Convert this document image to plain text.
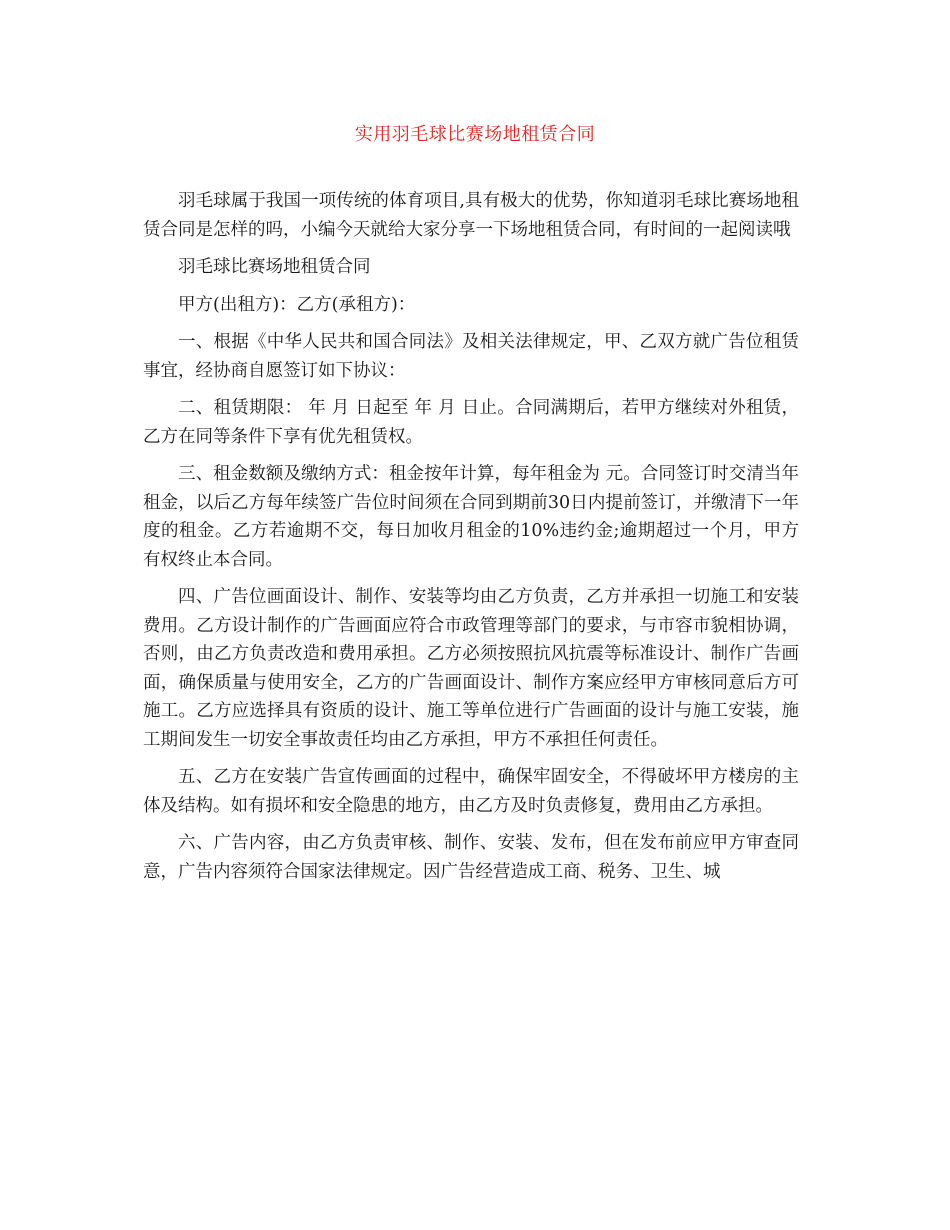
实用羽毛球比赛场地租赁合同

羽毛球属于我国一项传统的体育项目,具有极大的优势，你知道羽毛球比赛场地租赁合同是怎样的吗，小编今天就给大家分享一下场地租赁合同，有时间的一起阅读哦

羽毛球比赛场地租赁合同

甲方(出租方)：乙方(承租方)：

一、根据《中华人民共和国合同法》及相关法律规定，甲、乙双方就广告位租赁事宜，经协商自愿签订如下协议：

二、租赁期限： 年 月 日起至 年 月 日止。合同满期后，若甲方继续对外租赁，乙方在同等条件下享有优先租赁权。

三、租金数额及缴纳方式：租金按年计算，每年租金为 元。合同签订时交清当年租金，以后乙方每年续签广告位时间须在合同到期前30日内提前签订，并缴清下一年度的租金。乙方若逾期不交，每日加收月租金的10%违约金;逾期超过一个月，甲方有权终止本合同。

四、广告位画面设计、制作、安装等均由乙方负责，乙方并承担一切施工和安装费用。乙方设计制作的广告画面应符合市政管理等部门的要求，与市容市貌相协调，否则，由乙方负责改造和费用承担。乙方必须按照抗风抗震等标准设计、制作广告画面，确保质量与使用安全，乙方的广告画面设计、制作方案应经甲方审核同意后方可施工。乙方应选择具有资质的设计、施工等单位进行广告画面的设计与施工安装，施工期间发生一切安全事故责任均由乙方承担，甲方不承担任何责任。

五、乙方在安装广告宣传画面的过程中，确保牢固安全，不得破坏甲方楼房的主体及结构。如有损坏和安全隐患的地方，由乙方及时负责修复，费用由乙方承担。

六、广告内容，由乙方负责审核、制作、安装、发布，但在发布前应甲方审查同意，广告内容须符合国家法律规定。因广告经营造成工商、税务、卫生、城
